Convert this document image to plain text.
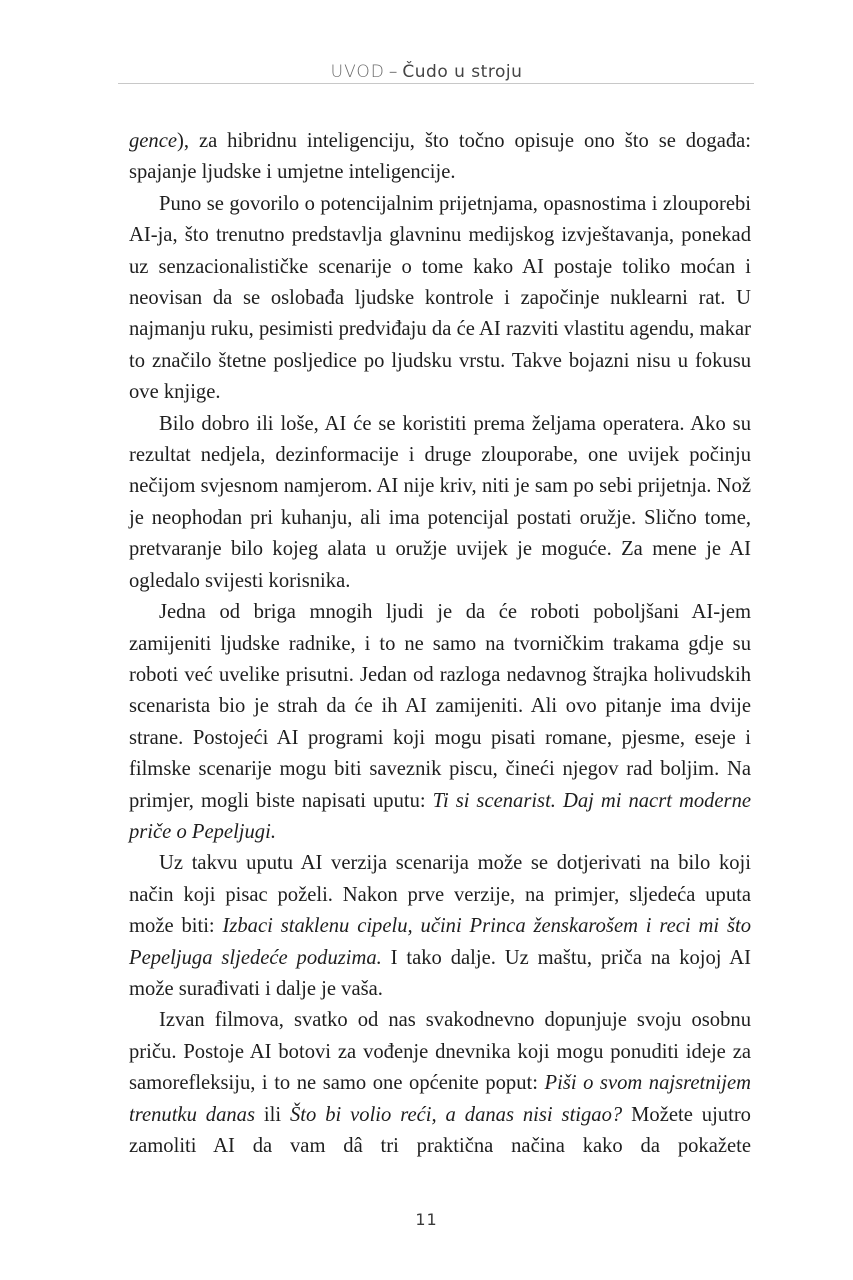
UVOD – Čudo u stroju

gence), za hibridnu inteligenciju, što točno opisuje ono što se događa: spajanje ljudske i umjetne inteligencije.

Puno se govorilo o potencijalnim prijetnjama, opasnostima i zlouporebi AI-ja, što trenutno predstavlja glavninu medijskog izvještavanja, ponekad uz senzacionalističke scenarije o tome kako AI postaje toliko moćan i neovisan da se oslobađa ljudske kontrole i započinje nuklearni rat. U najmanju ruku, pesimisti predviđaju da će AI razviti vlastitu agendu, makar to značilo štetne posljedice po ljudsku vrstu. Takve bojazni nisu u fokusu ove knjige.

Bilo dobro ili loše, AI će se koristiti prema željama operatera. Ako su rezultat nedjela, dezinformacije i druge zlouporabe, one uvijek počinju nečijom svjesnom namjerom. AI nije kriv, niti je sam po sebi prijetnja. Nož je neophodan pri kuhanju, ali ima potencijal postati oružje. Slično tome, pretvaranje bilo kojeg alata u oružje uvijek je moguće. Za mene je AI ogledalo svijesti korisnika.

Jedna od briga mnogih ljudi je da će roboti poboljšani AI-jem zamijeniti ljudske radnike, i to ne samo na tvorničkim trakama gdje su roboti već uvelike prisutni. Jedan od razloga nedavnog štrajka holivudskih scenarista bio je strah da će ih AI zamijeniti. Ali ovo pitanje ima dvije strane. Postojeći AI programi koji mogu pisati romane, pjesme, eseje i filmske scenarije mogu biti saveznik piscu, čineći njegov rad boljim. Na primjer, mogli biste napisati uputu: Ti si scenarist. Daj mi nacrt moderne priče o Pepeljugi.

Uz takvu uputu AI verzija scenarija može se dotjerivati na bilo koji način koji pisac poželi. Nakon prve verzije, na primjer, sljedeća uputa može biti: Izbaci staklenu cipelu, učini Princa ženskarošem i reci mi što Pepeljuga sljedeće poduzima. I tako dalje. Uz maštu, priča na kojoj AI može surađivati i dalje je vaša.

Izvan filmova, svatko od nas svakodnevno dopunjuje svoju osobnu priču. Postoje AI botovi za vođenje dnevnika koji mogu ponuditi ideje za samorefleksiju, i to ne samo one općenite poput: Piši o svom najsretnijem trenutku danas ili Što bi volio reći, a danas nisi stigao? Možete ujutro zamoliti AI da vam dâ tri praktična načina kako da pokažete

11
